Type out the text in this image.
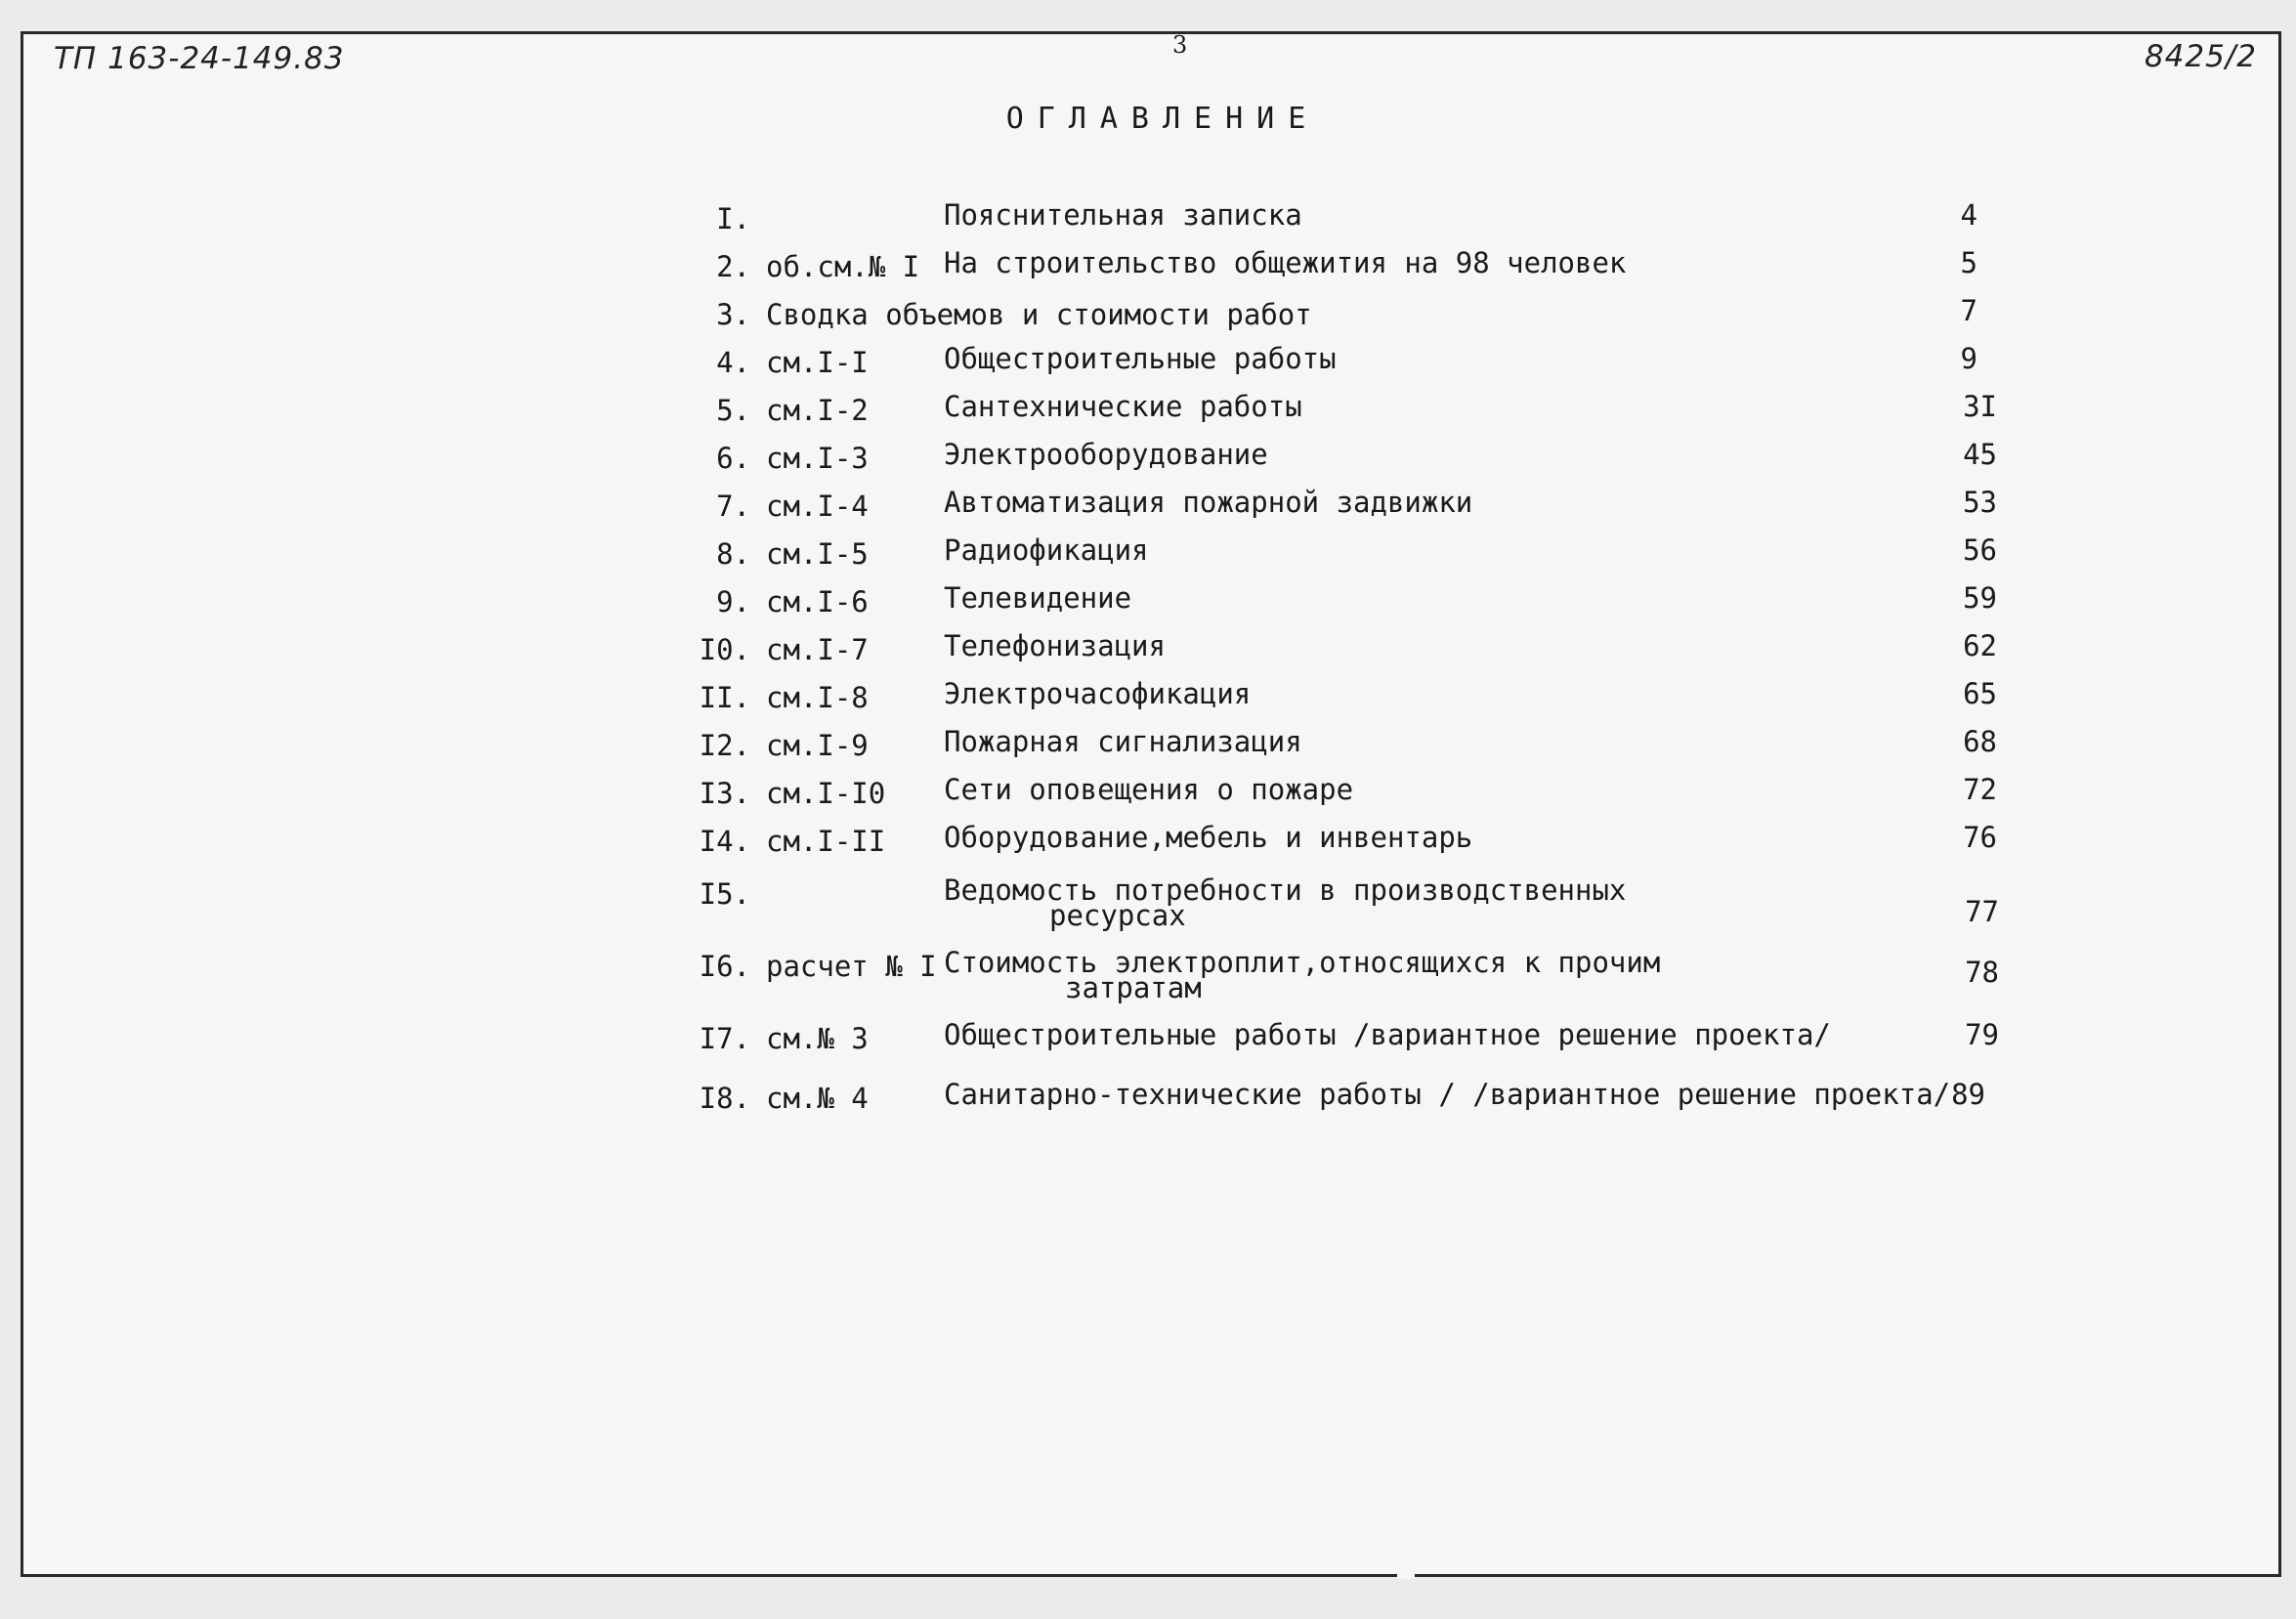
ТП 163-24-149.83	3	8425/2
ОГЛАВЛЕНИЕ
I.	Пояснительная записка	4
2. об.см.№ I На строительство общежития на 98 человек	5
3. Сводка объемов и стоимости работ	7
4. см.I-I	Общестроительные работы	9
5. см.I-2	Сантехнические работы	3I
6. см.I-3	Электрооборудование	45
7. см.I-4	Автоматизация пожарной задвижки	53
8. см.I-5	Радиофикация	56
9. см.I-6	Телевидение	59
I0. см.I-7	Телефонизация	62
II. см.I-8	Электрочасофикация	65
I2. см.I-9	Пожарная сигнализация	68
I3. см.I-I0 Сети оповещения о пожаре	72
I4. см.I-II Оборудование,мебель и инвентарь	76
I5.	Ведомость потребности в производственных
ресурсах	77
I6. расчет № I Стоимость электроплит,относящихся к прочим
затратам	78
I7. см.№ 3	Общестроительные работы /вариантное решение проекта/	79
I8. см.№ 4	Санитарно-технические работы / /вариантное решение проекта/ 89
